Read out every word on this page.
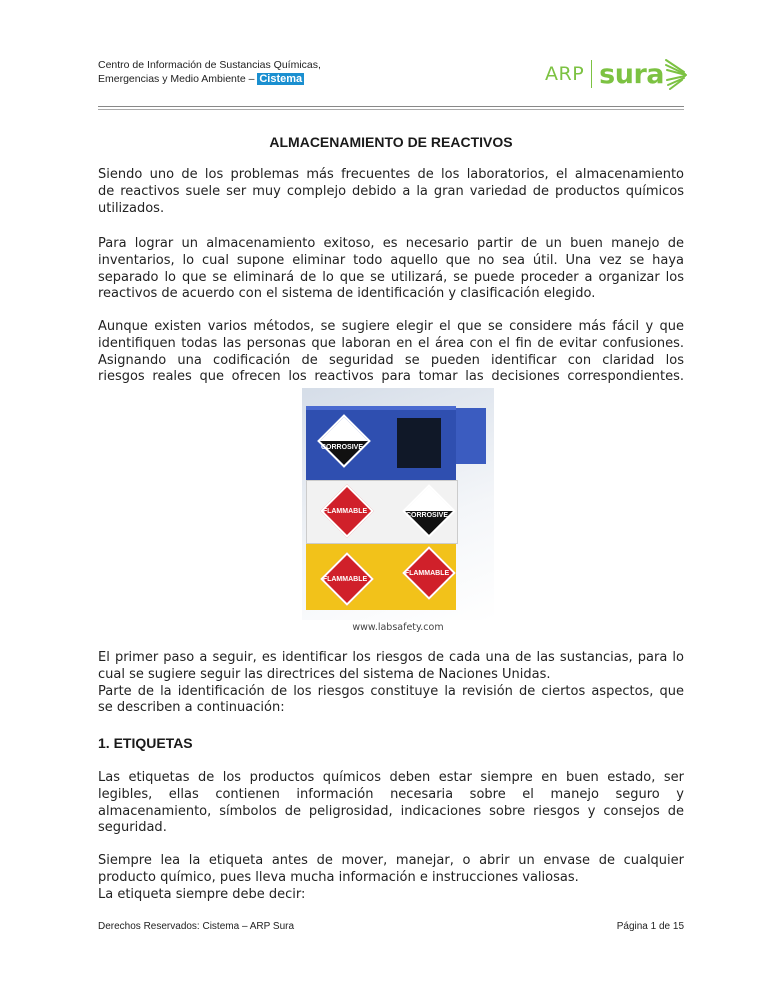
Centro de Información de Sustancias Químicas,
Emergencias y Medio Ambiente – Cistema	ARP sura
ALMACENAMIENTO DE REACTIVOS
Siendo uno de los problemas más frecuentes de los laboratorios, el almacenamiento
de reactivos suele ser muy complejo debido a la gran variedad de productos químicos
utilizados.
Para lograr un almacenamiento exitoso, es necesario partir de un buen manejo de
inventarios, lo cual supone eliminar todo aquello que no sea útil. Una vez se haya
separado lo que se eliminará de lo que se utilizará, se puede proceder a organizar los
reactivos de acuerdo con el sistema de identificación y clasificación elegido.
Aunque existen varios métodos, se sugiere elegir el que se considere más fácil y que
identifiquen todas las personas que laboran en el área con el fin de evitar confusiones.
Asignando una codificación de seguridad se pueden identificar con claridad los
riesgos reales que ofrecen los reactivos para tomar las decisiones correspondientes.
CORROSIVE
FLAMMABLE
CORROSIVE
FLAMMABLE
FLAMMABLE
www.labsafety.com
El primer paso a seguir, es identificar los riesgos de cada una de las sustancias, para lo
cual se sugiere seguir las directrices del sistema de Naciones Unidas.
Parte de la identificación de los riesgos constituye la revisión de ciertos aspectos, que
se describen a continuación:
1. ETIQUETAS
Las etiquetas de los productos químicos deben estar siempre en buen estado, ser
legibles, ellas contienen información necesaria sobre el manejo seguro y
almacenamiento, símbolos de peligrosidad, indicaciones sobre riesgos y consejos de
seguridad.
Siempre lea la etiqueta antes de mover, manejar, o abrir un envase de cualquier
producto químico, pues lleva mucha información e instrucciones valiosas.
La etiqueta siempre debe decir:
Derechos Reservados: Cistema – ARP Sura	Página 1 de 15
